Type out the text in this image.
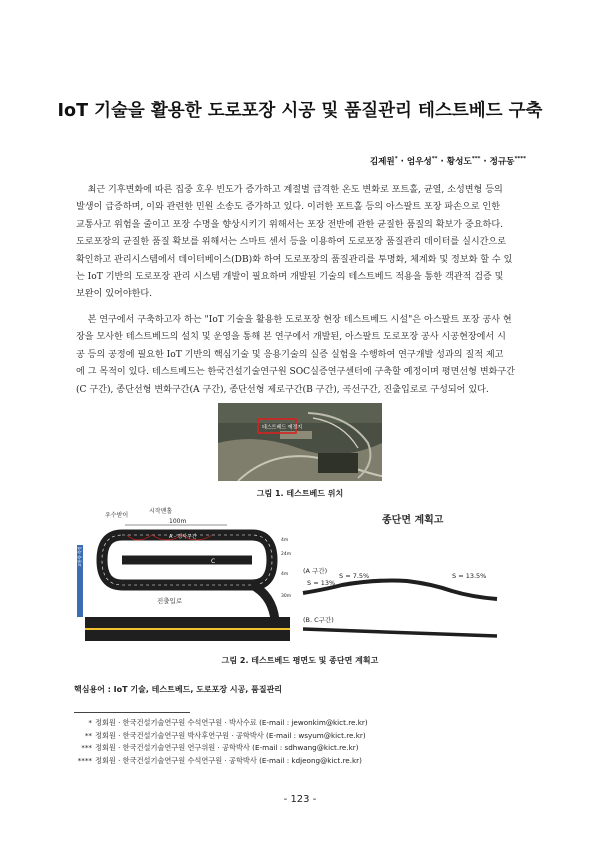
IoT 기술을 활용한 도로포장 시공 및 품질관리 테스트베드 구축
김제원* · 엄우성** · 황성도*** · 정규동****
최근 기후변화에 따른 집중 호우 빈도가 증가하고 계절별 급격한 온도 변화로 포트홀, 균열, 소성변형 등의
발생이 급증하며, 이와 관련한 민원 소송도 증가하고 있다. 이러한 포트홀 등의 아스팔트 포장 파손으로 인한
교통사고 위험을 줄이고 포장 수명을 향상시키기 위해서는 포장 전반에 관한 균질한 품질의 확보가 중요하다.
도로포장의 균질한 품질 확보를 위해서는 스마트 센서 등을 이용하여 도로포장 품질관리 데이터를 실시간으로
확인하고 관리시스템에서 데이터베이스(DB)화 하여 도로포장의 품질관리를 투명화, 체계화 및 정보화 할 수 있
는 IoT 기반의 도로포장 관리 시스템 개발이 필요하며 개발된 기술의 테스트베드 적용을 통한 객관적 검증 및
보완이 있어야한다.
본 연구에서 구축하고자 하는 "IoT 기술을 활용한 도로포장 현장 테스트베드 시설"은 아스팔트 포장 공사 현
장을 모사한 테스트베드의 설치 및 운영을 통해 본 연구에서 개발된, 아스팔트 도로포장 공사 시공현장에서 시
공 등의 공정에 필요한 IoT 기반의 핵심기술 및 응용기술의 실증 실험을 수행하여 연구개발 성과의 질적 제고
에 그 목적이 있다. 테스트베드는 한국건설기술연구원 SOC실증연구센터에 구축할 예정이며 평면선형 변화구간
(C 구간), 종단선형 변화구간(A 구간), 종단선형 제로구간(B 구간), 곡선구간, 진출입로로 구성되어 있다.
테스트베드 예정지
그림 1. 테스트베드 위치
교통량 측정 진출입로
우수받이
시작맨홀
100m
A - 경사구간
B
C
진출입로
4m
24m
4m
30m
종단면 계획고
(A 구간)
S = 13%
S = 7.5%	S = 13.5%
(B. C구간)
그림 2. 테스트베드 평면도 및 종단면 계획고
핵심용어 : IoT 기술, 테스트베드, 도로포장 시공, 품질관리
* 정회원 · 한국건설기술연구원 수석연구원 · 박사수료 (E-mail : jewonkim@kict.re.kr)
** 정회원 · 한국건설기술연구원 박사후연구원 · 공학박사 (E-mail : wsyum@kict.re.kr)
*** 정회원 · 한국건설기술연구원 연구위원 · 공학박사 (E-mail : sdhwang@kict.re.kr)
**** 정회원 · 한국건설기술연구원 수석연구원 · 공학박사 (E-mail : kdjeong@kict.re.kr)
- 123 -
